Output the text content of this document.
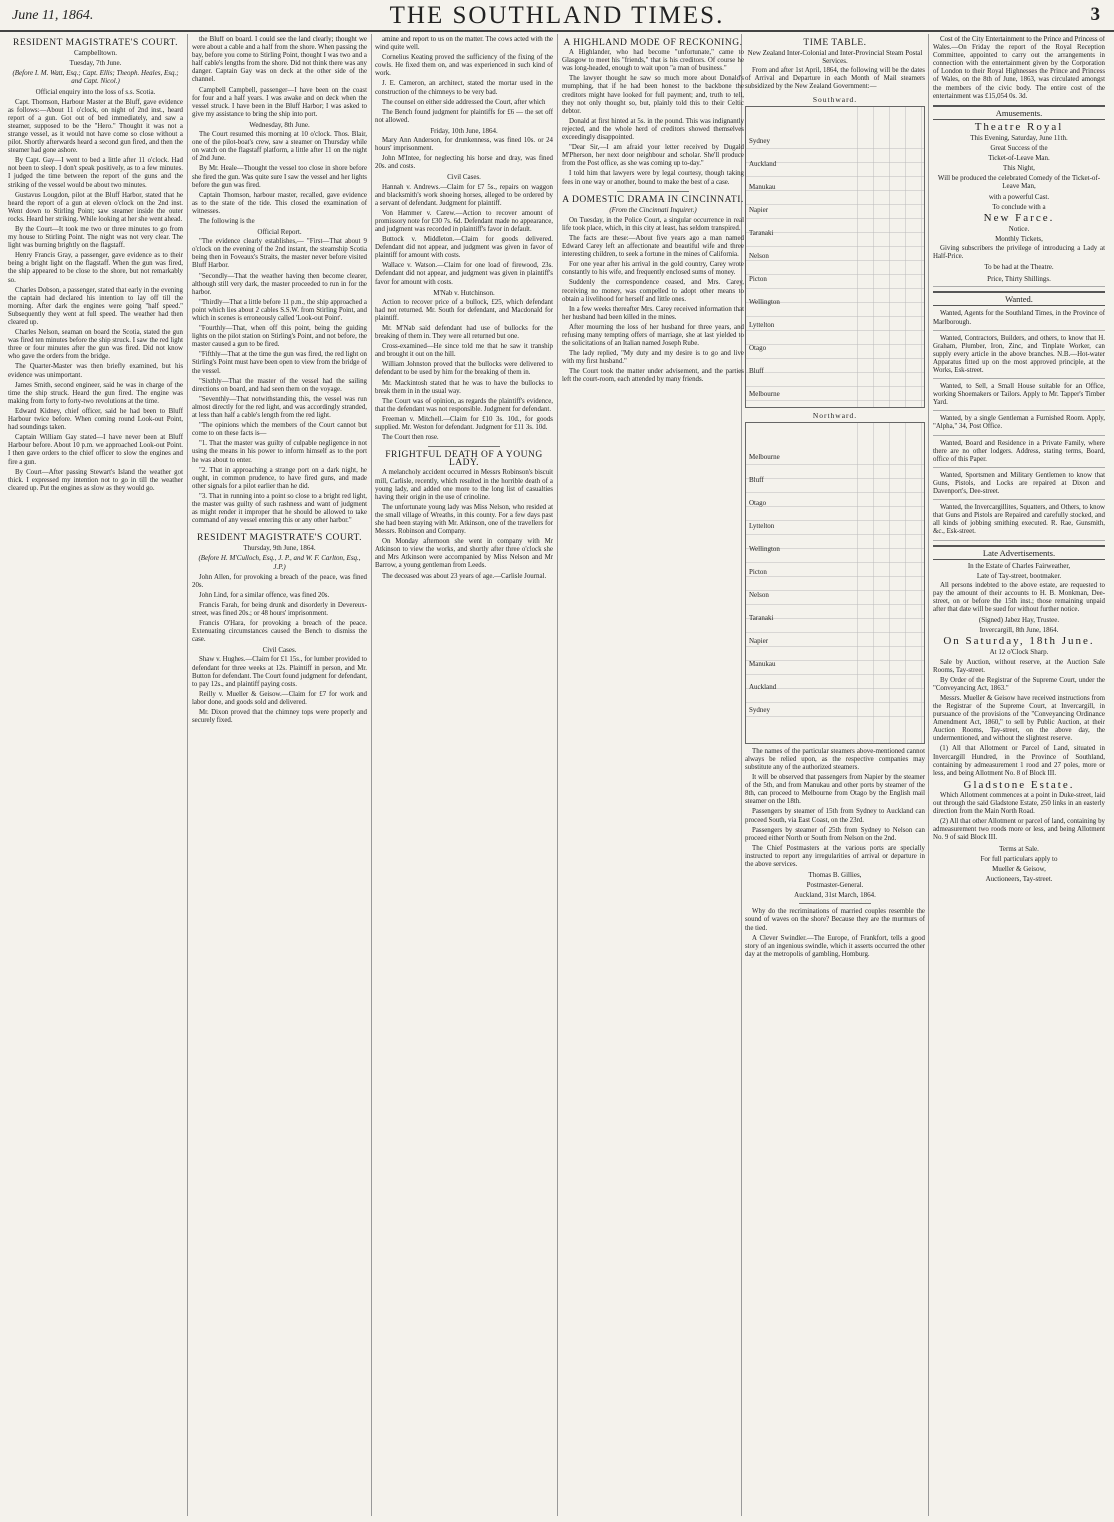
June 11, 1864.	THE SOUTHLAND TIMES.	3
RESIDENT MAGISTRATE'S COURT.
Campbelltown.
Tuesday, 7th June.
(Before I. M. Watt, Esq.; Capt. Ellis; Theoph. Heales, Esq.; and Capt. Nicol.)
Official enquiry into the loss of s.s. Scotia.

Capt. Thomson, Harbour Master at the Bluff, gave evidence as follows:—About 11 o'clock, on night of 2nd inst., heard report of a gun. Got out of bed immediately, and saw a steamer, supposed to be the "Hero." Thought it was not a strange vessel, as it would not have come so close without a pilot. Shortly afterwards heard a second gun fired, and then the steamer had gone ashore.

By Capt. Gay—I went to bed a little after 11 o'clock. Had not been to sleep. I don't speak positively, as to a few minutes. I judged the time between the report of the guns and the striking of the vessel would be about two minutes.

Gustavus Lougdon, pilot at the Bluff Harbor, stated that he heard the report of a gun at eleven o'clock on the 2nd inst. Went down to Stirling Point; saw steamer inside the outer rocks. Heard her striking. While looking at her she went ahead.

By the Court—It took me two or three minutes to go from my house to Stirling Point. The night was not very clear. The light was burning brightly on the flagstaff.

Henry Francis Gray, a passenger, gave evidence as to their being a bright light on the flagstaff. When the gun was fired, the ship appeared to be close to the shore, but not remarkably so.

Charles Dobson, a passenger, stated that early in the evening the captain had declared his intention to lay off till the morning. After dark the engines were going "half speed." Subsequently they went at full speed. The weather had then cleared up.

Charles Nelson, seaman on board the Scotia, stated the gun was fired ten minutes before the ship struck. I saw the red light three or four minutes after the gun was fired. Did not know who gave the orders from the bridge.

The Quarter-Master was then briefly examined, but his evidence was unimportant.

James Smith, second engineer, said he was in charge of the time the ship struck. Heard the gun fired. The engine was making from forty to forty-two revolutions at the time.

Edward Kidney, chief officer, said he had been to Bluff Harbour twice before. When coming round Look-out Point, had soundings taken.

Captain William Gay stated—I have never been at Bluff Harbour before. About 10 p.m. we approached Look-out Point. I then gave orders to the chief officer to slow the engines and fire a gun.

By Court—After passing Stewart's Island the weather got thick. I expressed my intention not to go in till the weather cleared up. Put the engines as slow as they would go.

the Bluff on board. I could see the land clearly; thought we were about a cable and a half from the shore. When passing the bay, before you come to Stirling Point, thought I was two and a half cable's lengths from the shore. Did not think there was any danger. Captain Gay was on deck at the other side of the channel.

Campbell Campbell, passenger—I have been on the coast for four and a half years. I was awake and on deck when the vessel struck. I have been in the Bluff Harbor; I was asked to give my assistance to bring the ship into port.

Wednesday, 8th June.

The Court resumed this morning at 10 o'clock. Thos. Blair, one of the pilot-boat's crew, saw a steamer on Thursday while on watch on the flagstaff platform, a little after 11 on the night of 2nd June.

By Mr. Heale—Thought the vessel too close in shore before she fired the gun. Was quite sure I saw the vessel and her lights before the gun was fired.

Captain Thomson, harbour master, recalled, gave evidence as to the state of the tide. This closed the examination of witnesses.

The following is the

Official Report.

"The evidence clearly establishes,— "First—That about 9 o'clock on the evening of the 2nd instant, the steamship Scotia being then in Foveaux's Straits, the master never before visited Bluff Harbor.

"Secondly—That the weather having then become clearer, although still very dark, the master proceeded to run in for the harbor.

"Thirdly—That a little before 11 p.m., the ship approached a point which lies about 2 cables S.S.W. from Stirling Point, and which in scenes is erroneously called 'Look-out Point'.

"Fourthly—That, when off this point, being the guiding lights on the pilot station on Stirling's Point, and not before, the master caused a gun to be fired.

"Fifthly—That at the time the gun was fired, the red light on Stirling's Point must have been open to view from the bridge of the vessel.

"Sixthly—That the master of the vessel had the sailing directions on board, and had seen them on the voyage.

"Seventhly—That notwithstanding this, the vessel was run almost directly for the red light, and was accordingly stranded, at less than half a cable's length from the red light.

"The opinions which the members of the Court cannot but come to on these facts is—

"1. That the master was guilty of culpable negligence in not using the means in his power to inform himself as to the port he was about to enter.

"2. That in approaching a strange port on a dark night, he ought, in common prudence, to have fired guns, and made other signals for a pilot earlier than he did.

"3. That in running into a point so close to a bright red light, the master was guilty of such rashness and want of judgment as might render it improper that he should be allowed to take command of any vessel entering this or any other harbor."

RESIDENT MAGISTRATE'S COURT.
Thursday, 9th June, 1864.
(Before H. M'Culloch, Esq., J. P., and W. F. Carlton, Esq., J.P.)

John Allen, for provoking a breach of the peace, was fined 20s.

John Lind, for a similar offence, was fined 20s.

Francis Farah, for being drunk and disorderly in Devereux-street, was fined 20s.; or 48 hours' imprisonment.

Francis O'Hara, for provoking a breach of the peace. Extenuating circumstances caused the Bench to dismiss the case.

Civil Cases.

Shaw v. Hughes.—Claim for £1 15s., for lumber provided to defendant for three weeks at 12s. Plaintiff in person, and Mr. Button for defendant. The Court found judgment for defendant, to pay 12s., and plaintiff paying costs.

Reilly v. Mueller & Geisow.—Claim for £7 for work and labor done, and goods sold and delivered.

Mr. Dixon proved that the chimney tops were properly and securely fixed.

amine and report to us on the matter. The cows acted with the wind quite well.

Cornelius Keating proved the sufficiency of the fixing of the cowls. He fixed them on, and was experienced in such kind of work.

J. E. Cameron, an architect, stated the mortar used in the construction of the chimneys to be very bad.

The counsel on either side addressed the Court, after which

The Bench found judgment for plaintiffs for £6 — the set off not allowed.

Friday, 10th June, 1864.

Mary Ann Anderson, for drunkenness, was fined 10s. or 24 hours' imprisonment.

John M'Intee, for neglecting his horse and dray, was fined 20s. and costs.

Civil Cases.

Hannah v. Andrews.—Claim for £7 5s., repairs on waggon and blacksmith's work shoeing horses, alleged to be ordered by a servant of defendant. Judgment for plaintiff.

Von Hammer v. Carew.—Action to recover amount of promissory note for £30 7s. 6d. Defendant made no appearance, and judgment was recorded in plaintiff's favor in default.

Buttock v. Middleton.—Claim for goods delivered. Defendant did not appear, and judgment was given in favor of plaintiff for amount with costs.

Wallace v. Watson.—Claim for one load of firewood, 23s. Defendant did not appear, and judgment was given in plaintiff's favor for amount with costs.

M'Nab v. Hutchinson.

Action to recover price of a bullock, £25, which defendant had not returned. Mr. South for defendant, and Macdonald for plaintiff.

Mr. M'Nab said defendant had use of bullocks for the breaking of them in. They were all returned but one.

Cross-examined—He since told me that he saw it tranship and brought it out on the hill.

William Johnston proved that the bullocks were delivered to defendant to be used by him for the breaking of them in.

Mr. Mackintosh stated that he was to have the bullocks to break them in in the usual way.

The Court was of opinion, as regards the plaintiff's evidence, that the defendant was not responsible. Judgment for defendant.

Freeman v. Mitchell.—Claim for £10 3s. 10d., for goods supplied. Mr. Weston for defendant. Judgment for £11 3s. 10d.

The Court then rose.

FRIGHTFUL DEATH OF A YOUNG LADY.

A melancholy accident occurred in Messrs Robinson's biscuit mill, Carlisle, recently, which resulted in the horrible death of a young lady, and added one more to the long list of casualties having their origin in the use of crinoline.

The unfortunate young lady was Miss Nelson, who resided at the small village of Wreaths, in this county. For a few days past she had been staying with Mr. Atkinson, one of the travellers for Messrs. Robinson and Company.

On Monday afternoon she went in company with Mr Atkinson to view the works, and shortly after three o'clock she and Mrs Atkinson were accompanied by Miss Nelson and Mr Barrow, a young gentleman from Leeds.

The deceased was about 23 years of age.—Carlisle Journal.

A HIGHLAND MODE OF RECKONING.

A Highlander, who had become "unfortunate," came to Glasgow to meet his "friends," that is his creditors. Of course he was long-headed, enough to wait upon "a man of business."

The lawyer thought he saw so much more about Donald's mumphing, that if he had been honest to the backbone the creditors might have looked for full payment; and, truth to tell, they not only thought so, but, plainly told this to their Celtic debtor.

Donald at first hinted at 5s. in the pound. This was indignantly rejected, and the whole herd of creditors showed themselves exceedingly disappointed.

"Dear Sir,—I am afraid your letter received by Dugald M'Pherson, her next door neighbour and scholar. She'll produce from the Post office, as she was coming up to-day."

I told him that lawyers were by legal courtesy, though taking fees in one way or another, bound to make the best of a case.

A DOMESTIC DRAMA IN CINCINNATI.
(From the Cincinnati Inquirer.)

On Tuesday, in the Police Court, a singular occurrence in real life took place, which, in this city at least, has seldom transpired.

The facts are these:—About five years ago a man named Edward Carey left an affectionate and beautiful wife and three interesting children, to seek a fortune in the mines of California.

For one year after his arrival in the gold country, Carey wrote constantly to his wife, and frequently enclosed sums of money.

Suddenly the correspondence ceased, and Mrs. Carey, receiving no money, was compelled to adopt other means to obtain a livelihood for herself and little ones.

In a few weeks thereafter Mrs. Carey received information that her husband had been killed in the mines.

After mourning the loss of her husband for three years, and refusing many tempting offers of marriage, she at last yielded to the solicitations of an Italian named Joseph Rube.

The lady replied, "My duty and my desire is to go and live with my first husband."

The Court took the matter under advisement, and the parties left the court-room, each attended by many friends.

TIME TABLE.
New Zealand Inter-Colonial and Inter-Provincial Steam Postal Services.

From and after 1st April, 1864, the following will be the dates of Arrival and Departure in each Month of Mail steamers subsidized by the New Zealand Government:—

Southward.
Sydney
Auckland
Manukau
Napier
Taranaki
Nelson
Picton
Wellington
Lyttelton
Otago
Bluff
Melbourne
Northward.
Melbourne
Bluff
Otago
Lyttelton
Wellington
Picton
Nelson
Taranaki
Napier
Manukau
Auckland
Sydney

The names of the particular steamers above-mentioned cannot always be relied upon, as the respective companies may substitute any of the authorized steamers.

It will be observed that passengers from Napier by the steamer of the 5th, and from Manukau and other ports by steamer of the 8th, can proceed to Melbourne from Otago by the English mail steamer on the 18th.

Passengers by steamer of 15th from Sydney to Auckland can proceed South, via East Coast, on the 23rd.

Passengers by steamer of 25th from Sydney to Nelson can proceed either North or South from Nelson on the 2nd.

The Chief Postmasters at the various ports are specially instructed to report any irregularities of arrival or departure in the above services.

Thomas B. Gillies,
Postmaster-General.
Auckland, 31st March, 1864.

Why do the recriminations of married couples resemble the sound of waves on the shore? Because they are the murmurs of the tied.

A Clever Swindler.—The Europe, of Frankfort, tells a good story of an ingenious swindle, which it asserts occurred the other day at the metropolis of gambling, Homburg.

Cost of the City Entertainment to the Prince and Princess of Wales.—On Friday the report of the Royal Reception Committee, appointed to carry out the arrangements in connection with the entertainment given by the Corporation of London to their Royal Highnesses the Prince and Princess of Wales, on the 8th of June, 1863, was circulated amongst the members of the civic body. The entire cost of the entertainment was £15,054 0s. 3d.

Amusements.
Theatre Royal
This Evening, Saturday, June 11th.
Great Success of the
Ticket-of-Leave Man.
This Night,
Will be produced the celebrated Comedy of the Ticket-of-Leave Man,
with a powerful Cast.
To conclude with a
New Farce.
Notice.
Monthly Tickets,

Giving subscribers the privilege of introducing a Lady at Half-Price.

To be had at the Theatre.
Price, Thirty Shillings.
Wanted.

Wanted, Agents for the Southland Times, in the Province of Marlborough.

Wanted, Contractors, Builders, and others, to know that H. Graham, Plumber, Iron, Zinc, and Tinplate Worker, can supply every article in the above branches. N.B.—Hot-water Apparatus fitted up on the most approved principle, at the Works, Esk-street.

Wanted, to Sell, a Small House suitable for an Office, working Shoemakers or Tailors. Apply to Mr. Tapper's Timber Yard.

Wanted, by a single Gentleman a Furnished Room. Apply, "Alpha," 34, Post Office.

Wanted, Board and Residence in a Private Family, where there are no other lodgers. Address, stating terms, Board, office of this Paper.

Wanted, Sportsmen and Military Gentlemen to know that Guns, Pistols, and Locks are repaired at Dixon and Davenport's, Dee-street.

Wanted, the Invercargillites, Squatters, and Others, to know that Guns and Pistols are Repaired and carefully stocked, and all kinds of jobbing smithing executed. R. Rae, Gunsmith, &c., Esk-street.

Late Advertisements.
In the Estate of Charles Fairweather,
Late of Tay-street, bootmaker.

All persons indebted to the above estate, are requested to pay the amount of their accounts to H. B. Monkman, Dee-street, on or before the 15th inst.; those remaining unpaid after that date will be sued for without further notice.

(Signed) Jabez Hay, Trustee.
Invercargill, 8th June, 1864.
On Saturday, 18th June.
At 12 o'Clock Sharp.

Sale by Auction, without reserve, at the Auction Sale Rooms, Tay-street.

By Order of the Registrar of the Supreme Court, under the "Conveyancing Act, 1863."

Messrs. Mueller & Geisow have received instructions from the Registrar of the Supreme Court, at Invercargill, in pursuance of the provisions of the "Conveyancing Ordinance Amendment Act, 1860," to sell by Public Auction, at their Auction Rooms, Tay-street, on the above day, the undermentioned, and without the slightest reserve.

(1) All that Allotment or Parcel of Land, situated in Invercargill Hundred, in the Province of Southland, containing by admeasurement 1 rood and 27 poles, more or less, and being Allotment No. 8 of Block III.

Gladstone Estate.

Which Allotment commences at a point in Duke-street, laid out through the said Gladstone Estate, 250 links in an easterly direction from the Main North Road.

(2) All that other Allotment or parcel of land, containing by admeasurement two roods more or less, and being Allotment No. 9 of said Block III.

Terms at Sale.
For full particulars apply to
Mueller & Geisow,
Auctioneers, Tay-street.
